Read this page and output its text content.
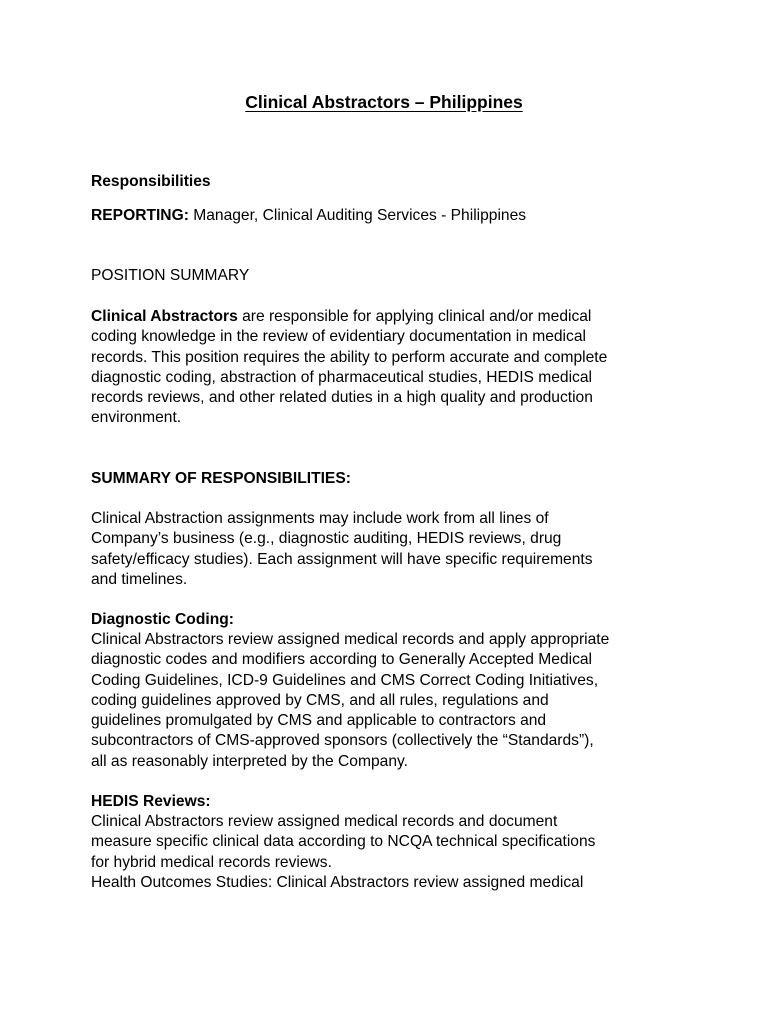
Clinical Abstractors – Philippines

Responsibilities

REPORTING: Manager, Clinical Auditing Services - Philippines

POSITION SUMMARY

Clinical Abstractors are responsible for applying clinical and/or medical
coding knowledge in the review of evidentiary documentation in medical
records. This position requires the ability to perform accurate and complete
diagnostic coding, abstraction of pharmaceutical studies, HEDIS medical
records reviews, and other related duties in a high quality and production
environment.

SUMMARY OF RESPONSIBILITIES:

Clinical Abstraction assignments may include work from all lines of
Company’s business (e.g., diagnostic auditing, HEDIS reviews, drug
safety/efficacy studies). Each assignment will have specific requirements
and timelines.

Diagnostic Coding:

Clinical Abstractors review assigned medical records and apply appropriate
diagnostic codes and modifiers according to Generally Accepted Medical
Coding Guidelines, ICD-9 Guidelines and CMS Correct Coding Initiatives,
coding guidelines approved by CMS, and all rules, regulations and
guidelines promulgated by CMS and applicable to contractors and
subcontractors of CMS-approved sponsors (collectively the “Standards”),
all as reasonably interpreted by the Company.

HEDIS Reviews:

Clinical Abstractors review assigned medical records and document
measure specific clinical data according to NCQA technical specifications
for hybrid medical records reviews.
Health Outcomes Studies: Clinical Abstractors review assigned medical
